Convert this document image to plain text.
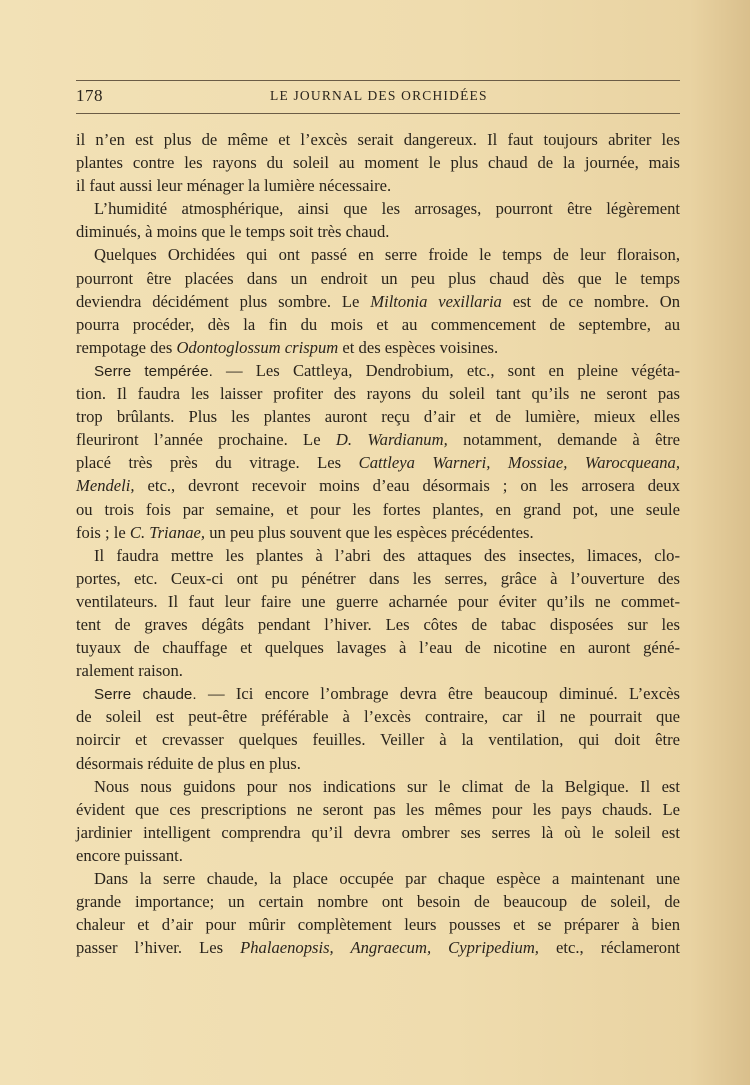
178	LE JOURNAL DES ORCHIDÉES
il n’en est plus de même et l’excès serait dangereux. Il faut toujours abriter les
plantes contre les rayons du soleil au moment le plus chaud de la journée, mais
il faut aussi leur ménager la lumière nécessaire.
L’humidité atmosphérique, ainsi que les arrosages, pourront être légèrement
diminués, à moins que le temps soit très chaud.
Quelques Orchidées qui ont passé en serre froide le temps de leur floraison,
pourront être placées dans un endroit un peu plus chaud dès que le temps
deviendra décidément plus sombre. Le Miltonia vexillaria est de ce nombre. On
pourra procéder, dès la fin du mois et au commencement de septembre, au
rempotage des Odontoglossum crispum et des espèces voisines.
Serre tempérée. — Les Cattleya, Dendrobium, etc., sont en pleine végéta-
tion. Il faudra les laisser profiter des rayons du soleil tant qu’ils ne seront pas
trop brûlants. Plus les plantes auront reçu d’air et de lumière, mieux elles
fleuriront l’année prochaine. Le D. Wardianum, notamment, demande à être
placé très près du vitrage. Les Cattleya Warneri, Mossiae, Warocqueana,
Mendeli, etc., devront recevoir moins d’eau désormais ; on les arrosera deux
ou trois fois par semaine, et pour les fortes plantes, en grand pot, une seule
fois ; le C. Trianae, un peu plus souvent que les espèces précédentes.
Il faudra mettre les plantes à l’abri des attaques des insectes, limaces, clo-
portes, etc. Ceux-ci ont pu pénétrer dans les serres, grâce à l’ouverture des
ventilateurs. Il faut leur faire une guerre acharnée pour éviter qu’ils ne commet-
tent de graves dégâts pendant l’hiver. Les côtes de tabac disposées sur les
tuyaux de chauffage et quelques lavages à l’eau de nicotine en auront géné-
ralement raison.
Serre chaude. — Ici encore l’ombrage devra être beaucoup diminué. L’excès
de soleil est peut-être préférable à l’excès contraire, car il ne pourrait que
noircir et crevasser quelques feuilles. Veiller à la ventilation, qui doit être
désormais réduite de plus en plus.
Nous nous guidons pour nos indications sur le climat de la Belgique. Il est
évident que ces prescriptions ne seront pas les mêmes pour les pays chauds. Le
jardinier intelligent comprendra qu’il devra ombrer ses serres là où le soleil est
encore puissant.
Dans la serre chaude, la place occupée par chaque espèce a maintenant une
grande importance; un certain nombre ont besoin de beaucoup de soleil, de
chaleur et d’air pour mûrir complètement leurs pousses et se préparer à bien
passer l’hiver. Les Phalaenopsis, Angraecum, Cypripedium, etc., réclameront
